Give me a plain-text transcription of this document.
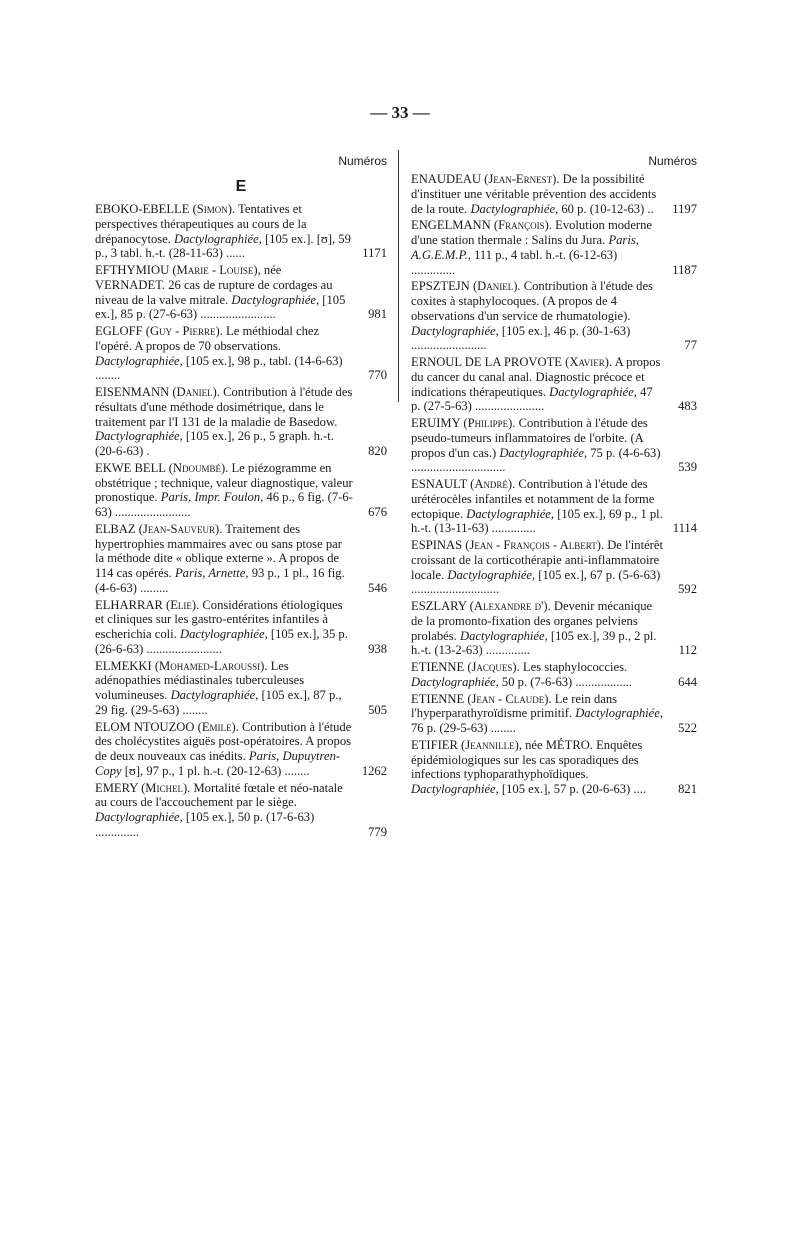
— 33 —
Numéros
E
EBOKO-EBELLE (Simon). Tentatives et perspectives thérapeutiques au cours de la drépanocytose. Dactylographiée, [105 ex.]. [ʊ], 59 p., 3 tabl. h.-t. (28-11-63) ......	1171
EFTHYMIOU (Marie - Louise), née VERNADET. 26 cas de rupture de cordages au niveau de la valve mitrale. Dactylographiée, [105 ex.], 85 p. (27-6-63) ........................	981
EGLOFF (Guy - Pierre). Le méthiodal chez l'opéré. A propos de 70 observations. Dactylographiée, [105 ex.], 98 p., tabl. (14-6-63) ........	770
EISENMANN (Daniel). Contribution à l'étude des résultats d'une méthode dosimétrique, dans le traitement par l'I 131 de la maladie de Basedow. Dactylographiée, [105 ex.], 26 p., 5 graph. h.-t. (20-6-63) .	820
EKWE BELL (Ndoumbé). Le piézogramme en obstétrique ; technique, valeur diagnostique, valeur pronostique. Paris, Impr. Foulon, 46 p., 6 fig. (7-6-63) ........................	676
ELBAZ (Jean-Sauveur). Traitement des hypertrophies mammaires avec ou sans ptose par la méthode dite « oblique externe ». A propos de 114 cas opérés. Paris, Arnette, 93 p., 1 pl., 16 fig. (4-6-63) .........	546
ELHARRAR (Elie). Considérations étiologiques et cliniques sur les gastro-entérites infantiles à escherichia coli. Dactylographiée, [105 ex.], 35 p. (26-6-63) ........................	938
ELMEKKI (Mohamed-Laroussi). Les adénopathies médiastinales tuberculeuses volumineuses. Dactylographiée, [105 ex.], 87 p., 29 fig. (29-5-63) ........	505
ELOM NTOUZOO (Emile). Contribution à l'étude des cholécystites aiguës post-opératoires. A propos de deux nouveaux cas inédits. Paris, Dupuytren-Copy [ʊ], 97 p., 1 pl. h.-t. (20-12-63) ........	1262
EMERY (Michel). Mortalité fœtale et néo-natale au cours de l'accouchement par le siège. Dactylographiée, [105 ex.], 50 p. (17-6-63) ..............	779
Numéros
ENAUDEAU (Jean-Ernest). De la possibilité d'instituer une véritable prévention des accidents de la route. Dactylographiée, 60 p. (10-12-63) ..	1197
ENGELMANN (François). Evolution moderne d'une station thermale : Salins du Jura. Paris, A.G.E.M.P., 111 p., 4 tabl. h.-t. (6-12-63) ..............	1187
EPSZTEJN (Daniel). Contribution à l'étude des coxites à staphylocoques. (A propos de 4 observations d'un service de rhumatologie). Dactylographiée, [105 ex.], 46 p. (30-1-63) ........................	77
ERNOUL DE LA PROVOTE (Xavier). A propos du cancer du canal anal. Diagnostic précoce et indications thérapeutiques. Dactylographiée, 47 p. (27-5-63) ......................	483
ERUIMY (Philippe). Contribution à l'étude des pseudo-tumeurs inflammatoires de l'orbite. (A propos d'un cas.) Dactylographiée, 75 p. (4-6-63) ..............................	539
ESNAULT (André). Contribution à l'étude des urétérocèles infantiles et notamment de la forme ectopique. Dactylographiée, [105 ex.], 69 p., 1 pl. h.-t. (13-11-63) ..............	1114
ESPINAS (Jean - François - Albert). De l'intérêt croissant de la corticothérapie anti-inflammatoire locale. Dactylographiée, [105 ex.], 67 p. (5-6-63) ............................	592
ESZLARY (Alexandre d'). Devenir mécanique de la promonto-fixation des organes pelviens prolabés. Dactylographiée, [105 ex.], 39 p., 2 pl. h.-t. (13-2-63) ..............	112
ETIENNE (Jacques). Les staphylococcies. Dactylographiée, 50 p. (7-6-63) ..................	644
ETIENNE (Jean - Claude). Le rein dans l'hyperparathyroïdisme primitif. Dactylographiée, 76 p. (29-5-63) ........	522
ETIFIER (Jeannille), née MÉTRO. Enquêtes épidémiologiques sur les cas sporadiques des infections typhoparathyphoïdiques. Dactylographiée, [105 ex.], 57 p. (20-6-63) ....	821
